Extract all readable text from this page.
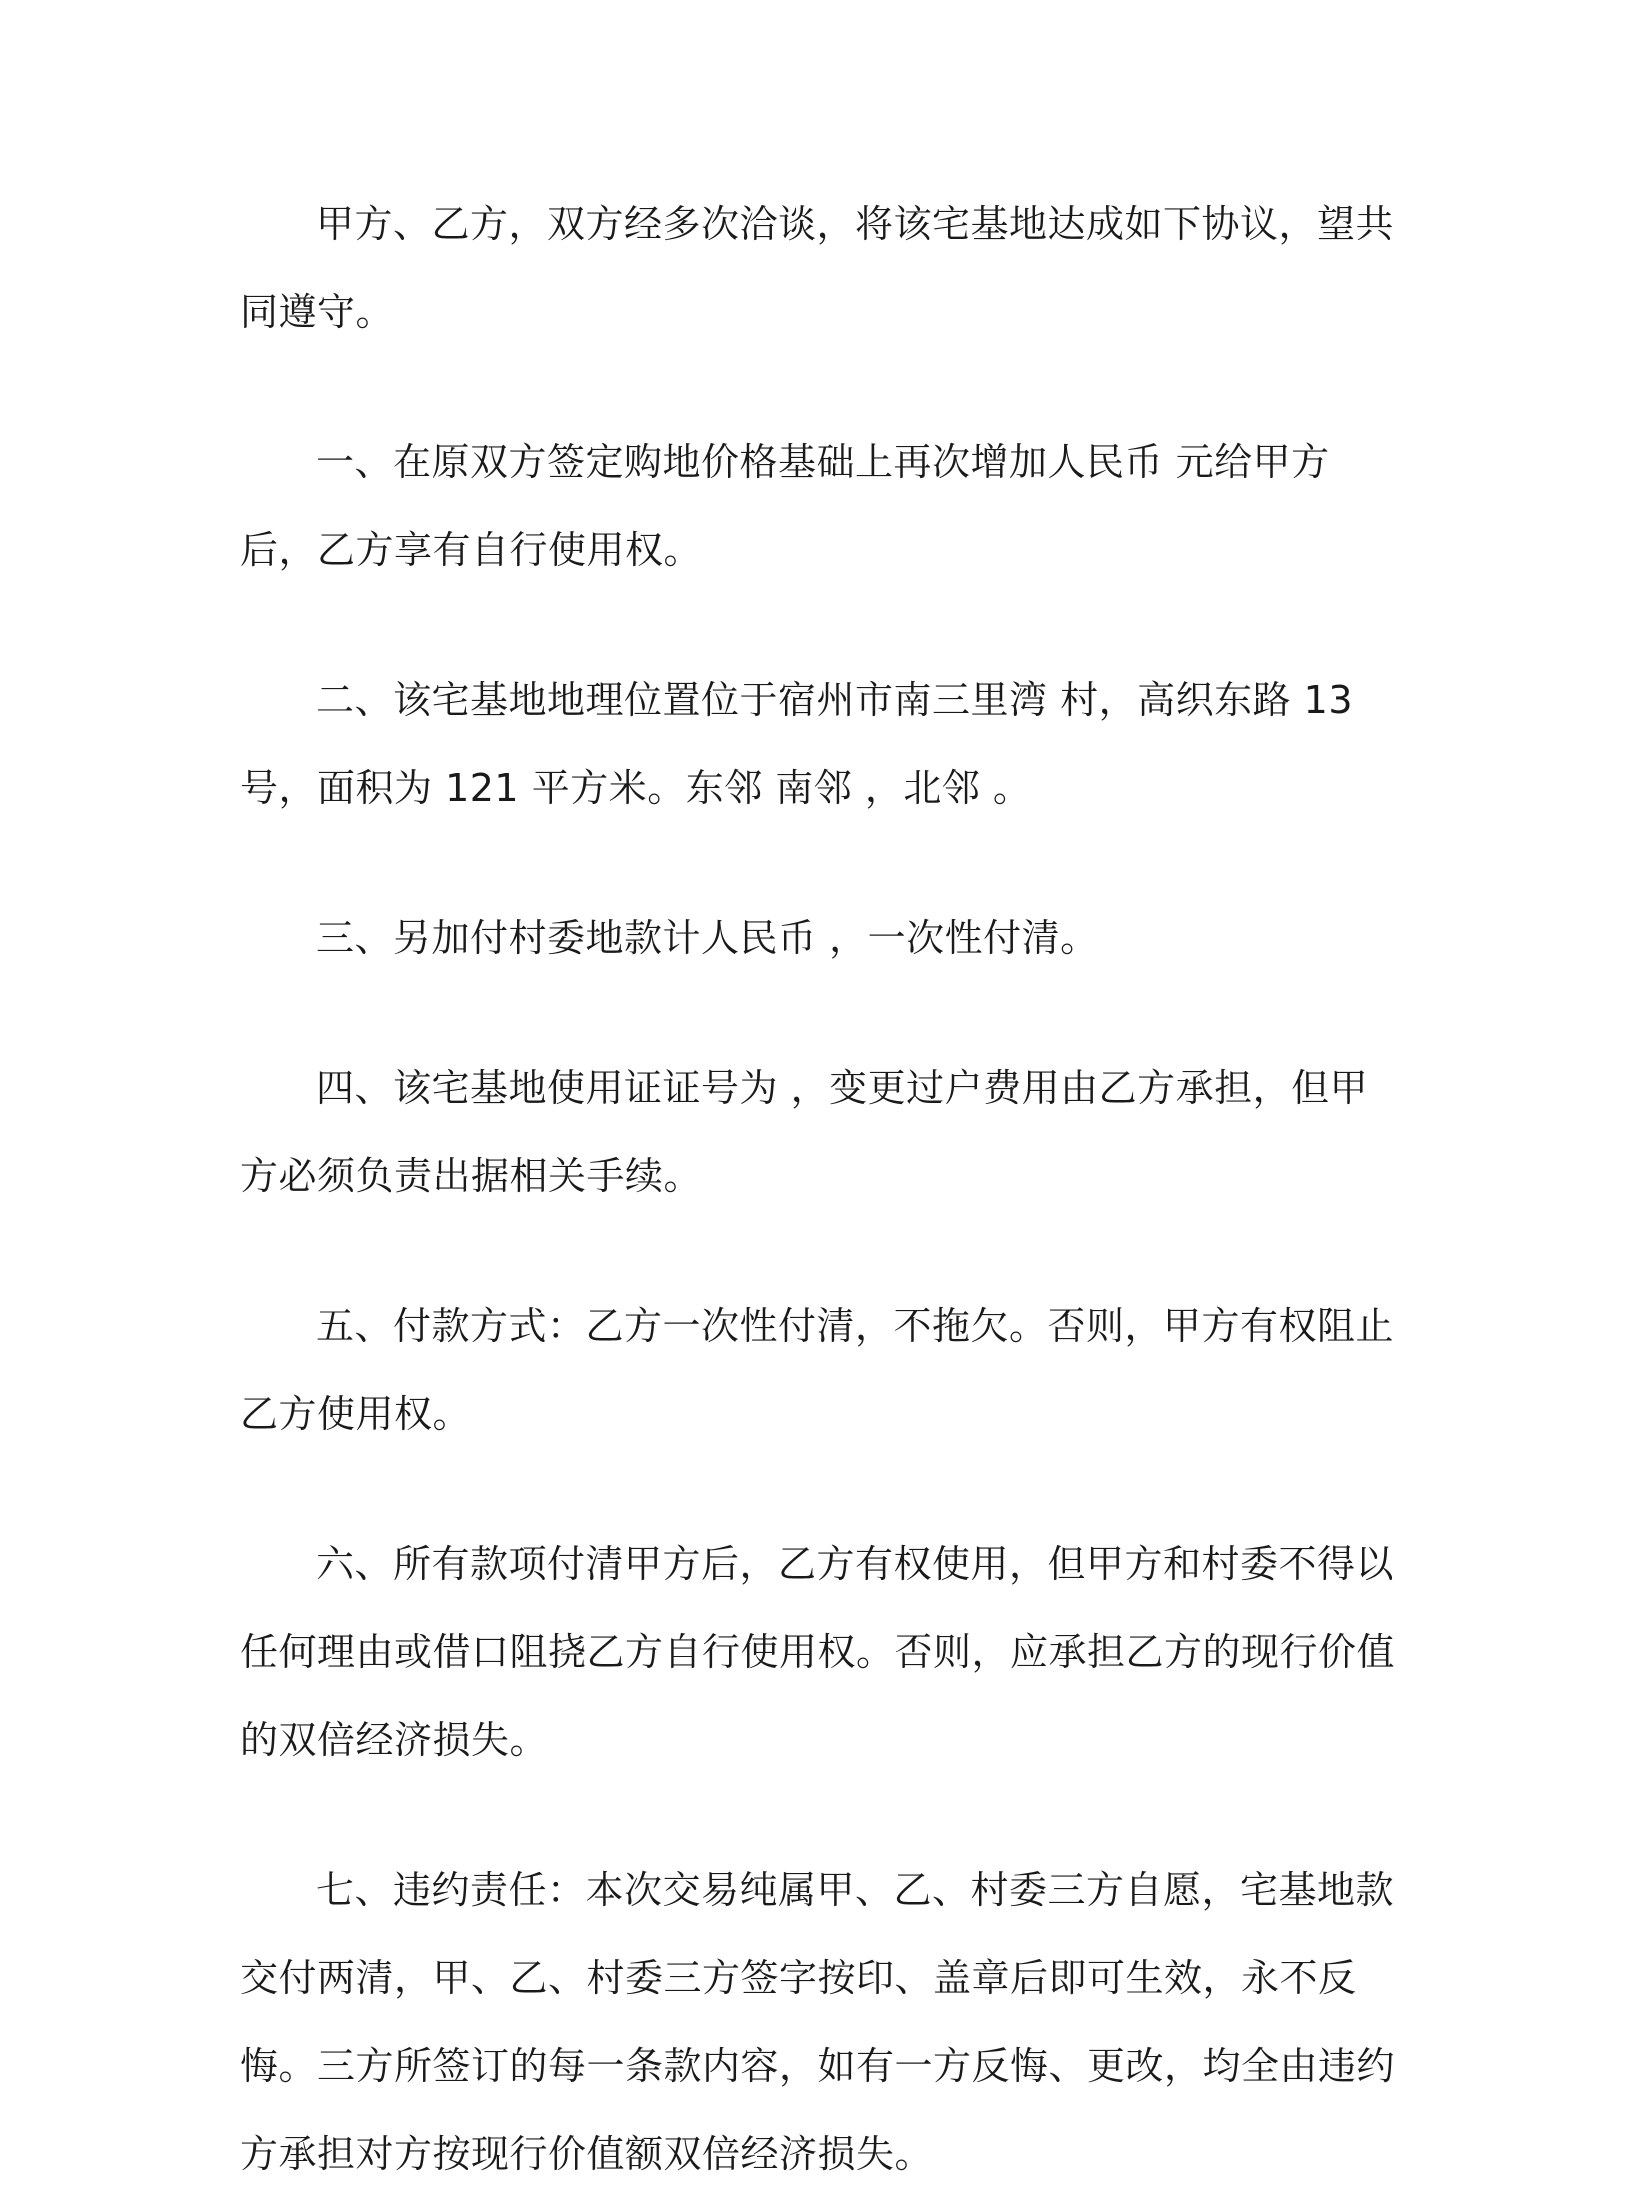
甲方、乙方，双方经多次洽谈，将该宅基地达成如下协议，望共同遵守。

一、在原双方签定购地价格基础上再次增加人民币 元给甲方后，乙方享有自行使用权。

二、该宅基地地理位置位于宿州市南三里湾 村，高织东路 13 号，面积为 121 平方米。东邻 南邻 ，北邻 。

三、另加付村委地款计人民币 ，一次性付清。

四、该宅基地使用证证号为 ，变更过户费用由乙方承担，但甲方必须负责出据相关手续。

五、付款方式：乙方一次性付清，不拖欠。否则，甲方有权阻止乙方使用权。

六、所有款项付清甲方后，乙方有权使用，但甲方和村委不得以任何理由或借口阻挠乙方自行使用权。否则，应承担乙方的现行价值的双倍经济损失。

七、违约责任：本次交易纯属甲、乙、村委三方自愿，宅基地款交付两清，甲、乙、村委三方签字按印、盖章后即可生效，永不反悔。三方所签订的每一条款内容，如有一方反悔、更改，均全由违约方承担对方按现行价值额双倍经济损失。
